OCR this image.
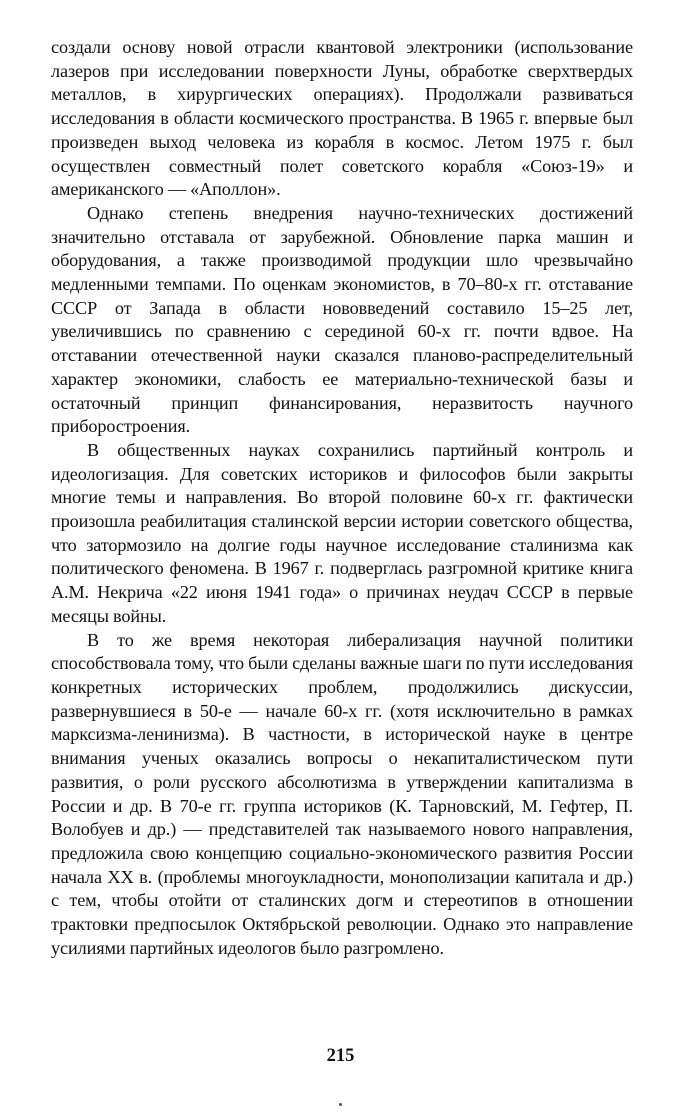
создали основу новой отрасли квантовой электроники (использование лазеров при исследовании поверхности Луны, обработке сверхтвердых металлов, в хирургических операциях). Продолжали развиваться исследования в области космического пространства. В 1965 г. впервые был произведен выход человека из корабля в космос. Летом 1975 г. был осуществлен совместный полет советского корабля «Союз-19» и американского — «Аполлон».

Однако степень внедрения научно-технических достижений значительно отставала от зарубежной. Обновление парка машин и оборудования, а также производимой продукции шло чрезвычайно медленными темпами. По оценкам экономистов, в 70–80-х гг. отставание СССР от Запада в области нововведений составило 15–25 лет, увеличившись по сравнению с серединой 60-х гг. почти вдвое. На отставании отечественной науки сказался планово-распределительный характер экономики, слабость ее материально-технической базы и остаточный принцип финансирования, неразвитость научного приборостроения.

В общественных науках сохранились партийный контроль и идеологизация. Для советских историков и философов были закрыты многие темы и направления. Во второй половине 60-х гг. фактически произошла реабилитация сталинской версии истории советского общества, что затормозило на долгие годы научное исследование сталинизма как политического феномена. В 1967 г. подверглась разгромной критике книга А.М. Некрича «22 июня 1941 года» о причинах неудач СССР в первые месяцы войны.

В то же время некоторая либерализация научной политики способствовала тому, что были сделаны важные шаги по пути исследования конкретных исторических проблем, продолжились дискуссии, развернувшиеся в 50-е — начале 60-х гг. (хотя исключительно в рамках марксизма-ленинизма). В частности, в исторической науке в центре внимания ученых оказались вопросы о некапиталистическом пути развития, о роли русского абсолютизма в утверждении капитализма в России и др. В 70-е гг. группа историков (К. Тарновский, М. Гефтер, П. Волобуев и др.) — представителей так называемого нового направления, предложила свою концепцию социально-экономического развития России начала XX в. (проблемы многоукладности, монополизации капитала и др.) с тем, чтобы отойти от сталинских догм и стереотипов в отношении трактовки предпосылок Октябрьской революции. Однако это направление усилиями партийных идеологов было разгромлено.

215
